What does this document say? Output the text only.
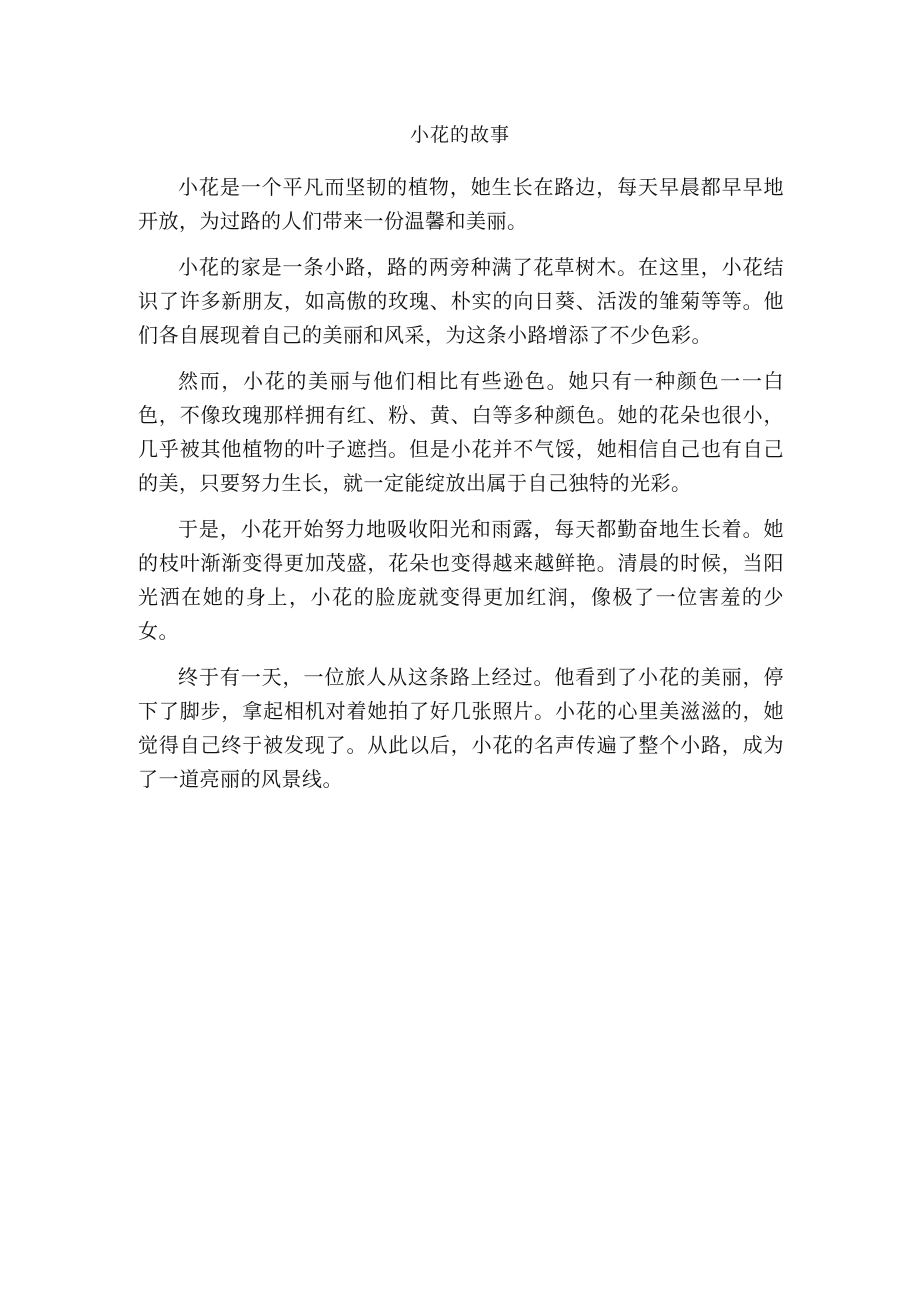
小花的故事

小花是一个平凡而坚韧的植物，她生长在路边，每天早晨都早早地开放，为过路的人们带来一份温馨和美丽。

小花的家是一条小路，路的两旁种满了花草树木。在这里，小花结识了许多新朋友，如高傲的玫瑰、朴实的向日葵、活泼的雏菊等等。他们各自展现着自己的美丽和风采，为这条小路增添了不少色彩。

然而，小花的美丽与他们相比有些逊色。她只有一种颜色一一白色，不像玫瑰那样拥有红、粉、黄、白等多种颜色。她的花朵也很小，几乎被其他植物的叶子遮挡。但是小花并不气馁，她相信自己也有自己的美，只要努力生长，就一定能绽放出属于自己独特的光彩。

于是，小花开始努力地吸收阳光和雨露，每天都勤奋地生长着。她的枝叶渐渐变得更加茂盛，花朵也变得越来越鲜艳。清晨的时候，当阳光洒在她的身上，小花的脸庞就变得更加红润，像极了一位害羞的少女。

终于有一天，一位旅人从这条路上经过。他看到了小花的美丽，停下了脚步，拿起相机对着她拍了好几张照片。小花的心里美滋滋的，她觉得自己终于被发现了。从此以后，小花的名声传遍了整个小路，成为了一道亮丽的风景线。
